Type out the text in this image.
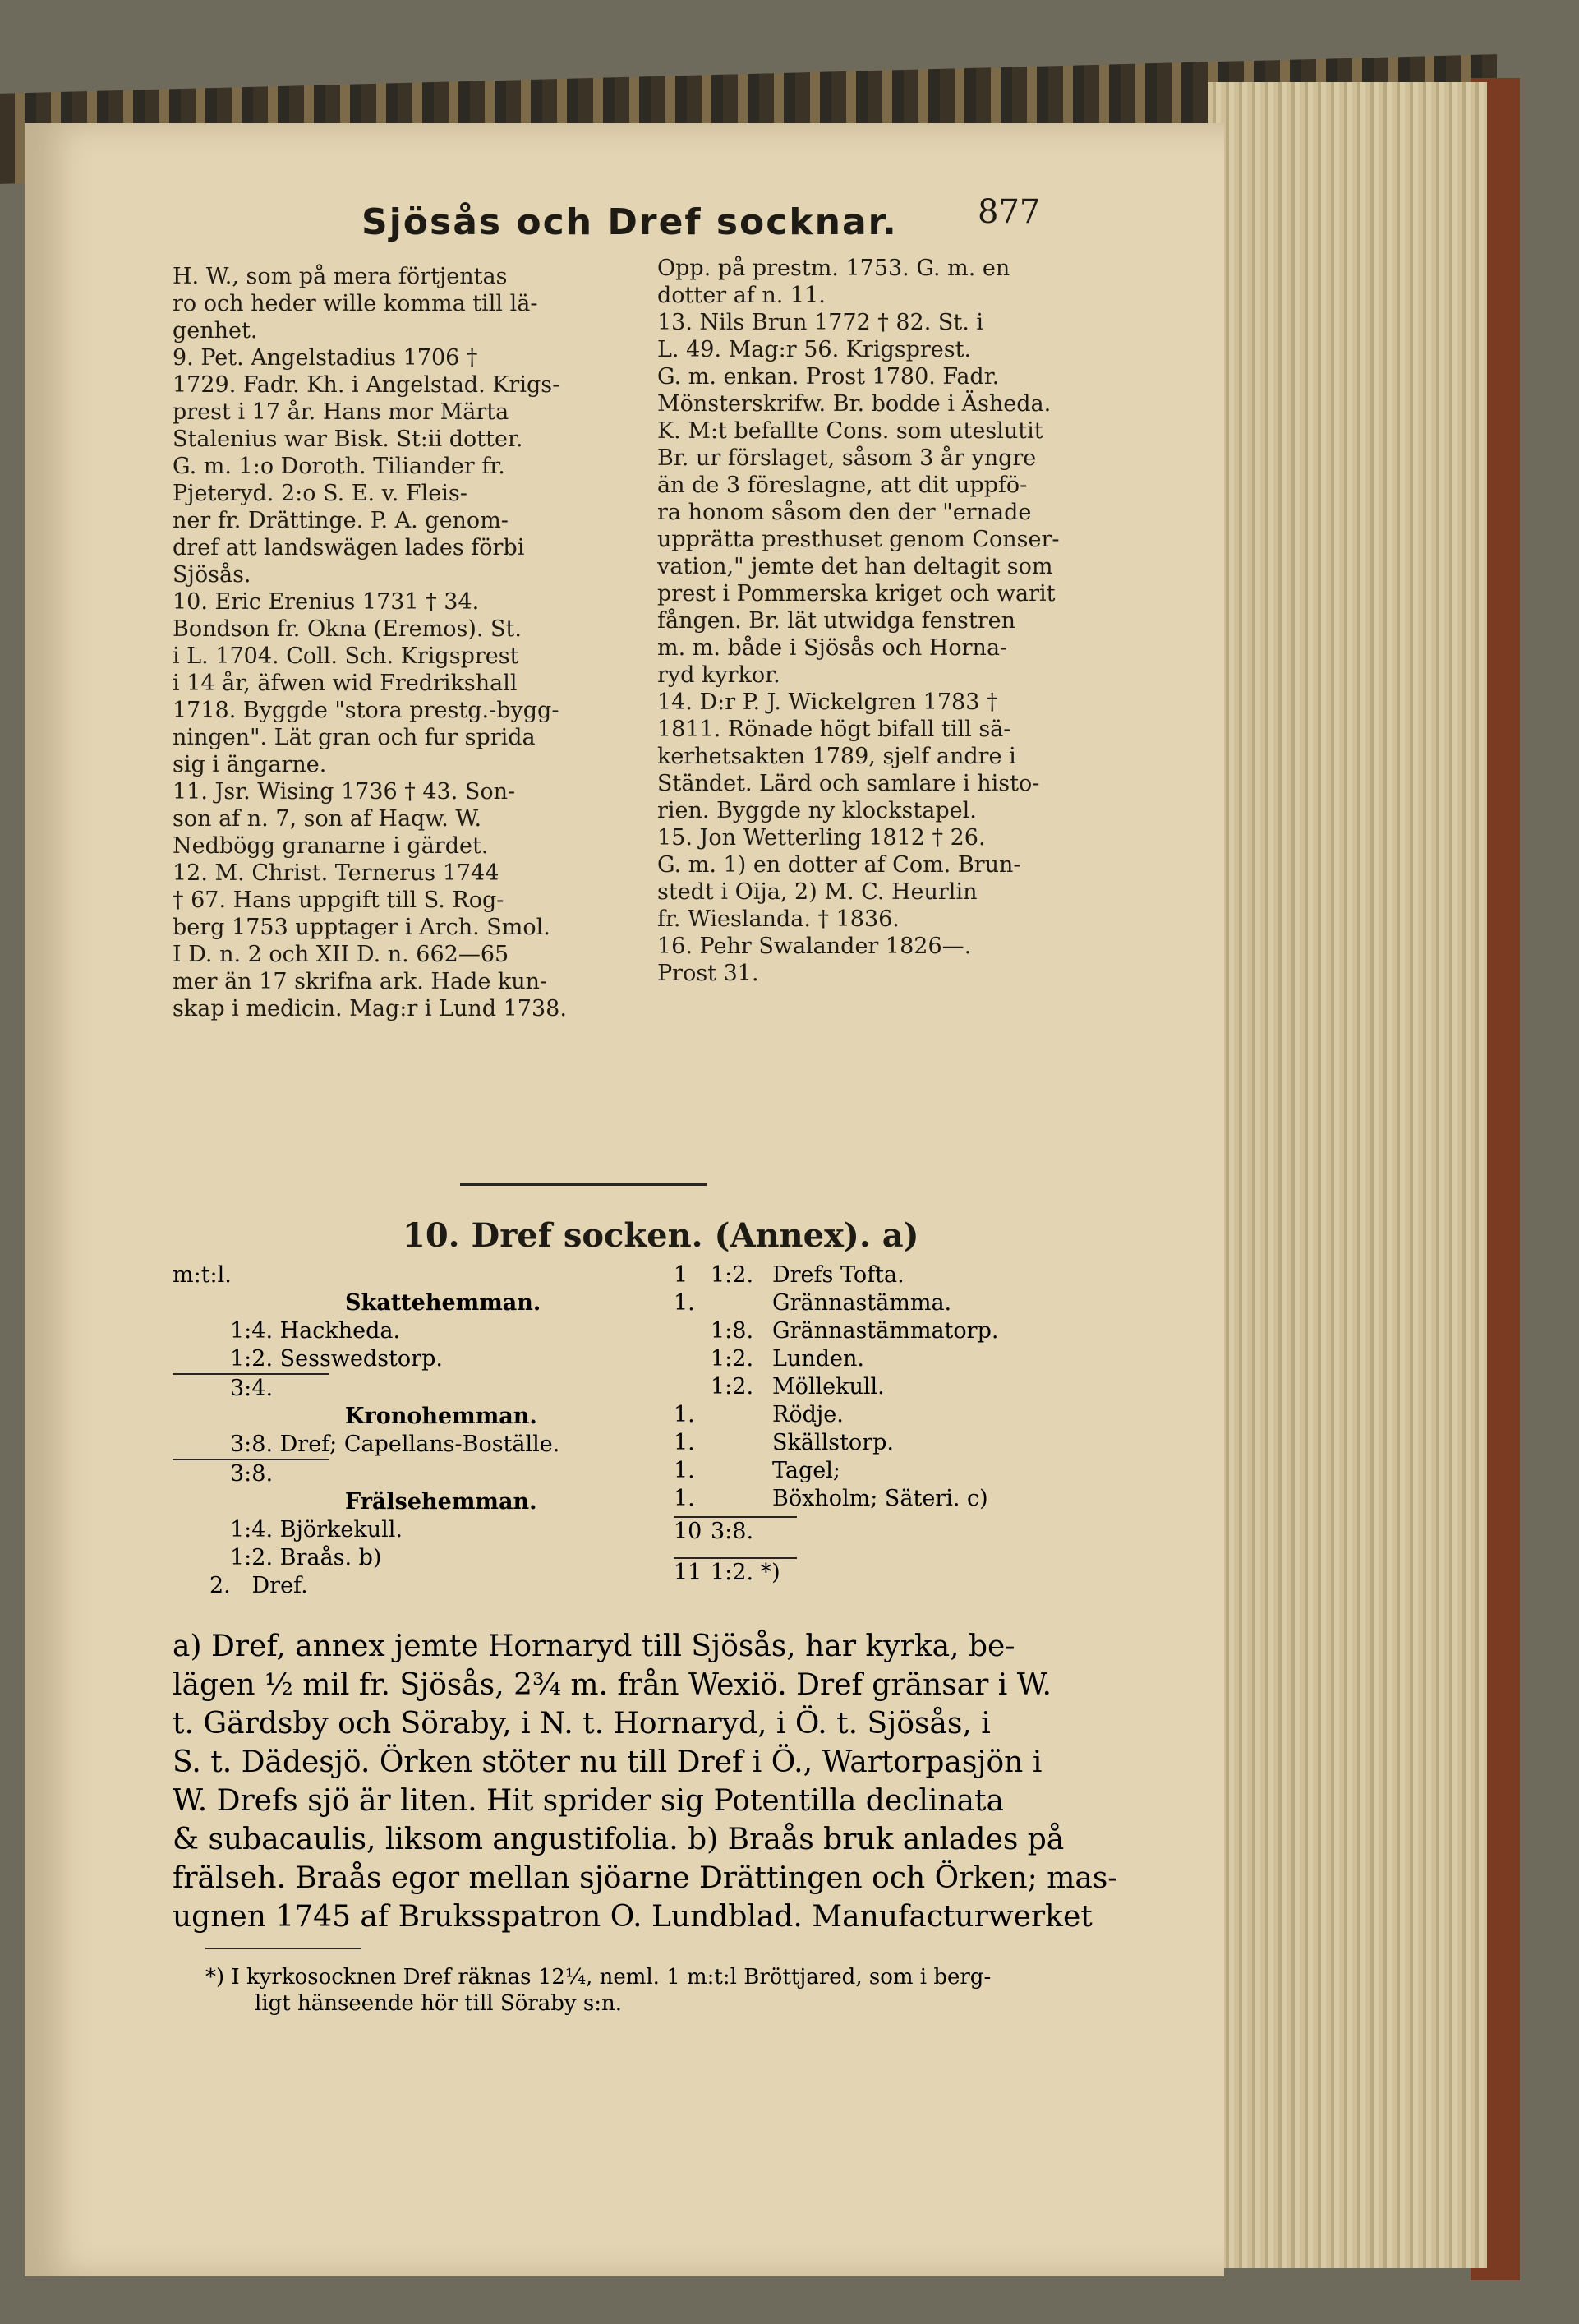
Sjösås och Dref socknar. 877
H. W., som på mera förtjentas
ro och heder wille komma till lä-
genhet.
9. Pet. Angelstadius 1706 †
1729. Fadr. Kh. i Angelstad. Krigs-
prest i 17 år. Hans mor Märta
Stalenius war Bisk. St:ii dotter.
G. m. 1:o Doroth. Tiliander fr.
Pjeteryd. 2:o S. E. v. Fleis-
ner fr. Drättinge. P. A. genom-
dref att landswägen lades förbi
Sjösås.
10. Eric Erenius 1731 † 34.
Bondson fr. Okna (Eremos). St.
i L. 1704. Coll. Sch. Krigsprest
i 14 år, äfwen wid Fredrikshall
1718. Byggde "stora prestg.-bygg-
ningen". Lät gran och fur sprida
sig i ängarne.
11. Jsr. Wising 1736 † 43. Son-
son af n. 7, son af Haqw. W.
Nedbögg granarne i gärdet.
12. M. Christ. Ternerus 1744
† 67. Hans uppgift till S. Rog-
berg 1753 upptager i Arch. Smol.
I D. n. 2 och XII D. n. 662—65
mer än 17 skrifna ark. Hade kun-
skap i medicin. Mag:r i Lund 1738.
Opp. på prestm. 1753. G. m. en
dotter af n. 11.
13. Nils Brun 1772 † 82. St. i
L. 49. Mag:r 56. Krigsprest.
G. m. enkan. Prost 1780. Fadr.
Mönsterskrifw. Br. bodde i Äsheda.
K. M:t befallte Cons. som uteslutit
Br. ur förslaget, såsom 3 år yngre
än de 3 föreslagne, att dit uppfö-
ra honom såsom den der "ernade
upprätta presthuset genom Conser-
vation," jemte det han deltagit som
prest i Pommerska kriget och warit
fången. Br. lät utwidga fenstren
m. m. både i Sjösås och Horna-
ryd kyrkor.
14. D:r P. J. Wickelgren 1783 †
1811. Rönade högt bifall till sä-
kerhetsakten 1789, sjelf andre i
Ständet. Lärd och samlare i histo-
rien. Byggde ny klockstapel.
15. Jon Wetterling 1812 † 26.
G. m. 1) en dotter af Com. Brun-
stedt i Oija, 2) M. C. Heurlin
fr. Wieslanda. † 1836.
16. Pehr Swalander 1826—.
Prost 31.
10. Dref socken. (Annex). a)
m:t:l.
Skattehemman.
1:4. Hackheda.
1:2. Sesswedstorp.
3:4.
Kronohemman.
3:8. Dref; Capellans-Boställe.
3:8.
Frälsehemman.
1:4. Björkekull.
1:2. Braås. b)
2. Dref.
1 1:2. Drefs Tofta.
1.	Grännastämma.
1:8. Grännastämmatorp.
1:2. Lunden.
1:2. Möllekull.
1.	Rödje.
1.	Skällstorp.
1.	Tagel;
1.	Böxholm; Säteri. c)
10 3:8.
11 1:2. *)
a) Dref, annex jemte Hornaryd till Sjösås, har kyrka, be-
lägen ½ mil fr. Sjösås, 2¾ m. från Wexiö. Dref gränsar i W.
t. Gärdsby och Söraby, i N. t. Hornaryd, i Ö. t. Sjösås, i
S. t. Dädesjö. Örken stöter nu till Dref i Ö., Wartorpasjön i
W. Drefs sjö är liten. Hit sprider sig Potentilla declinata
& subacaulis, liksom angustifolia. b) Braås bruk anlades på
frälseh. Braås egor mellan sjöarne Drättingen och Örken; mas-
ugnen 1745 af Bruksspatron O. Lundblad. Manufacturwerket
*) I kyrkosocknen Dref räknas 12¼, neml. 1 m:t:l Bröttjared, som i berg-
ligt hänseende hör till Söraby s:n.
